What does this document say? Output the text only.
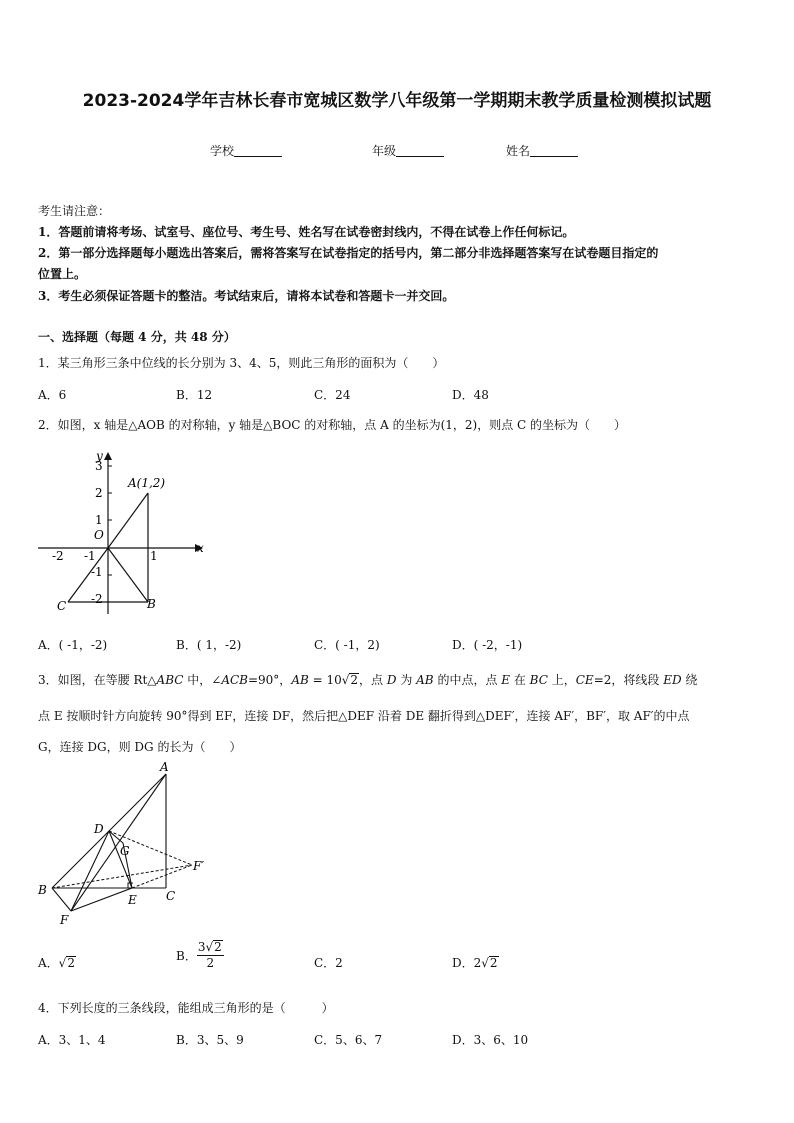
2023-2024学年吉林长春市宽城区数学八年级第一学期期末教学质量检测模拟试题
学校	年级	姓名
考生请注意：
1．答题前请将考场、试室号、座位号、考生号、姓名写在试卷密封线内，不得在试卷上作任何标记。
2．第一部分选择题每小题选出答案后，需将答案写在试卷指定的括号内，第二部分非选择题答案写在试卷题目指定的
位置上。
3．考生必须保证答题卡的整洁。考试结束后，请将本试卷和答题卡一并交回。
一、选择题（每题 4 分，共 48 分）
1．某三角形三条中位线的长分别为 3、4、5，则此三角形的面积为（　　）
A．6	B．12	C．24	D．48
2．如图，x 轴是△AOB 的对称轴，y 轴是△BOC 的对称轴，点 A 的坐标为(1，2)，则点 C 的坐标为（　　）
y
x
3
2
1
-1
-2
O
-2 -1	1
A(1,2)
B
C
A．( -1，-2)	B．( 1，-2)	C．( -1，2)	D．( -2，-1)
3．如图，在等腰 Rt△ABC 中，∠ACB=90°，AB = 10√2，点 D 为 AB 的中点，点 E 在 BC 上，CE=2，将线段 ED 绕
点 E 按顺时针方向旋转 90°得到 EF，连接 DF，然后把△DEF 沿着 DE 翻折得到△DEF′，连接 AF′，BF′，取 AF′的中点
G，连接 DG，则 DG 的长为（　　）
A
B	C
D
E
F
G
F′
A．√2	B． $\frac{3√2}{2}$	C．2	D．2√2
4．下列长度的三条线段，能组成三角形的是（　　　）
A．3、1、4	B．3、5、9	C．5、6、7	D．3、6、10
